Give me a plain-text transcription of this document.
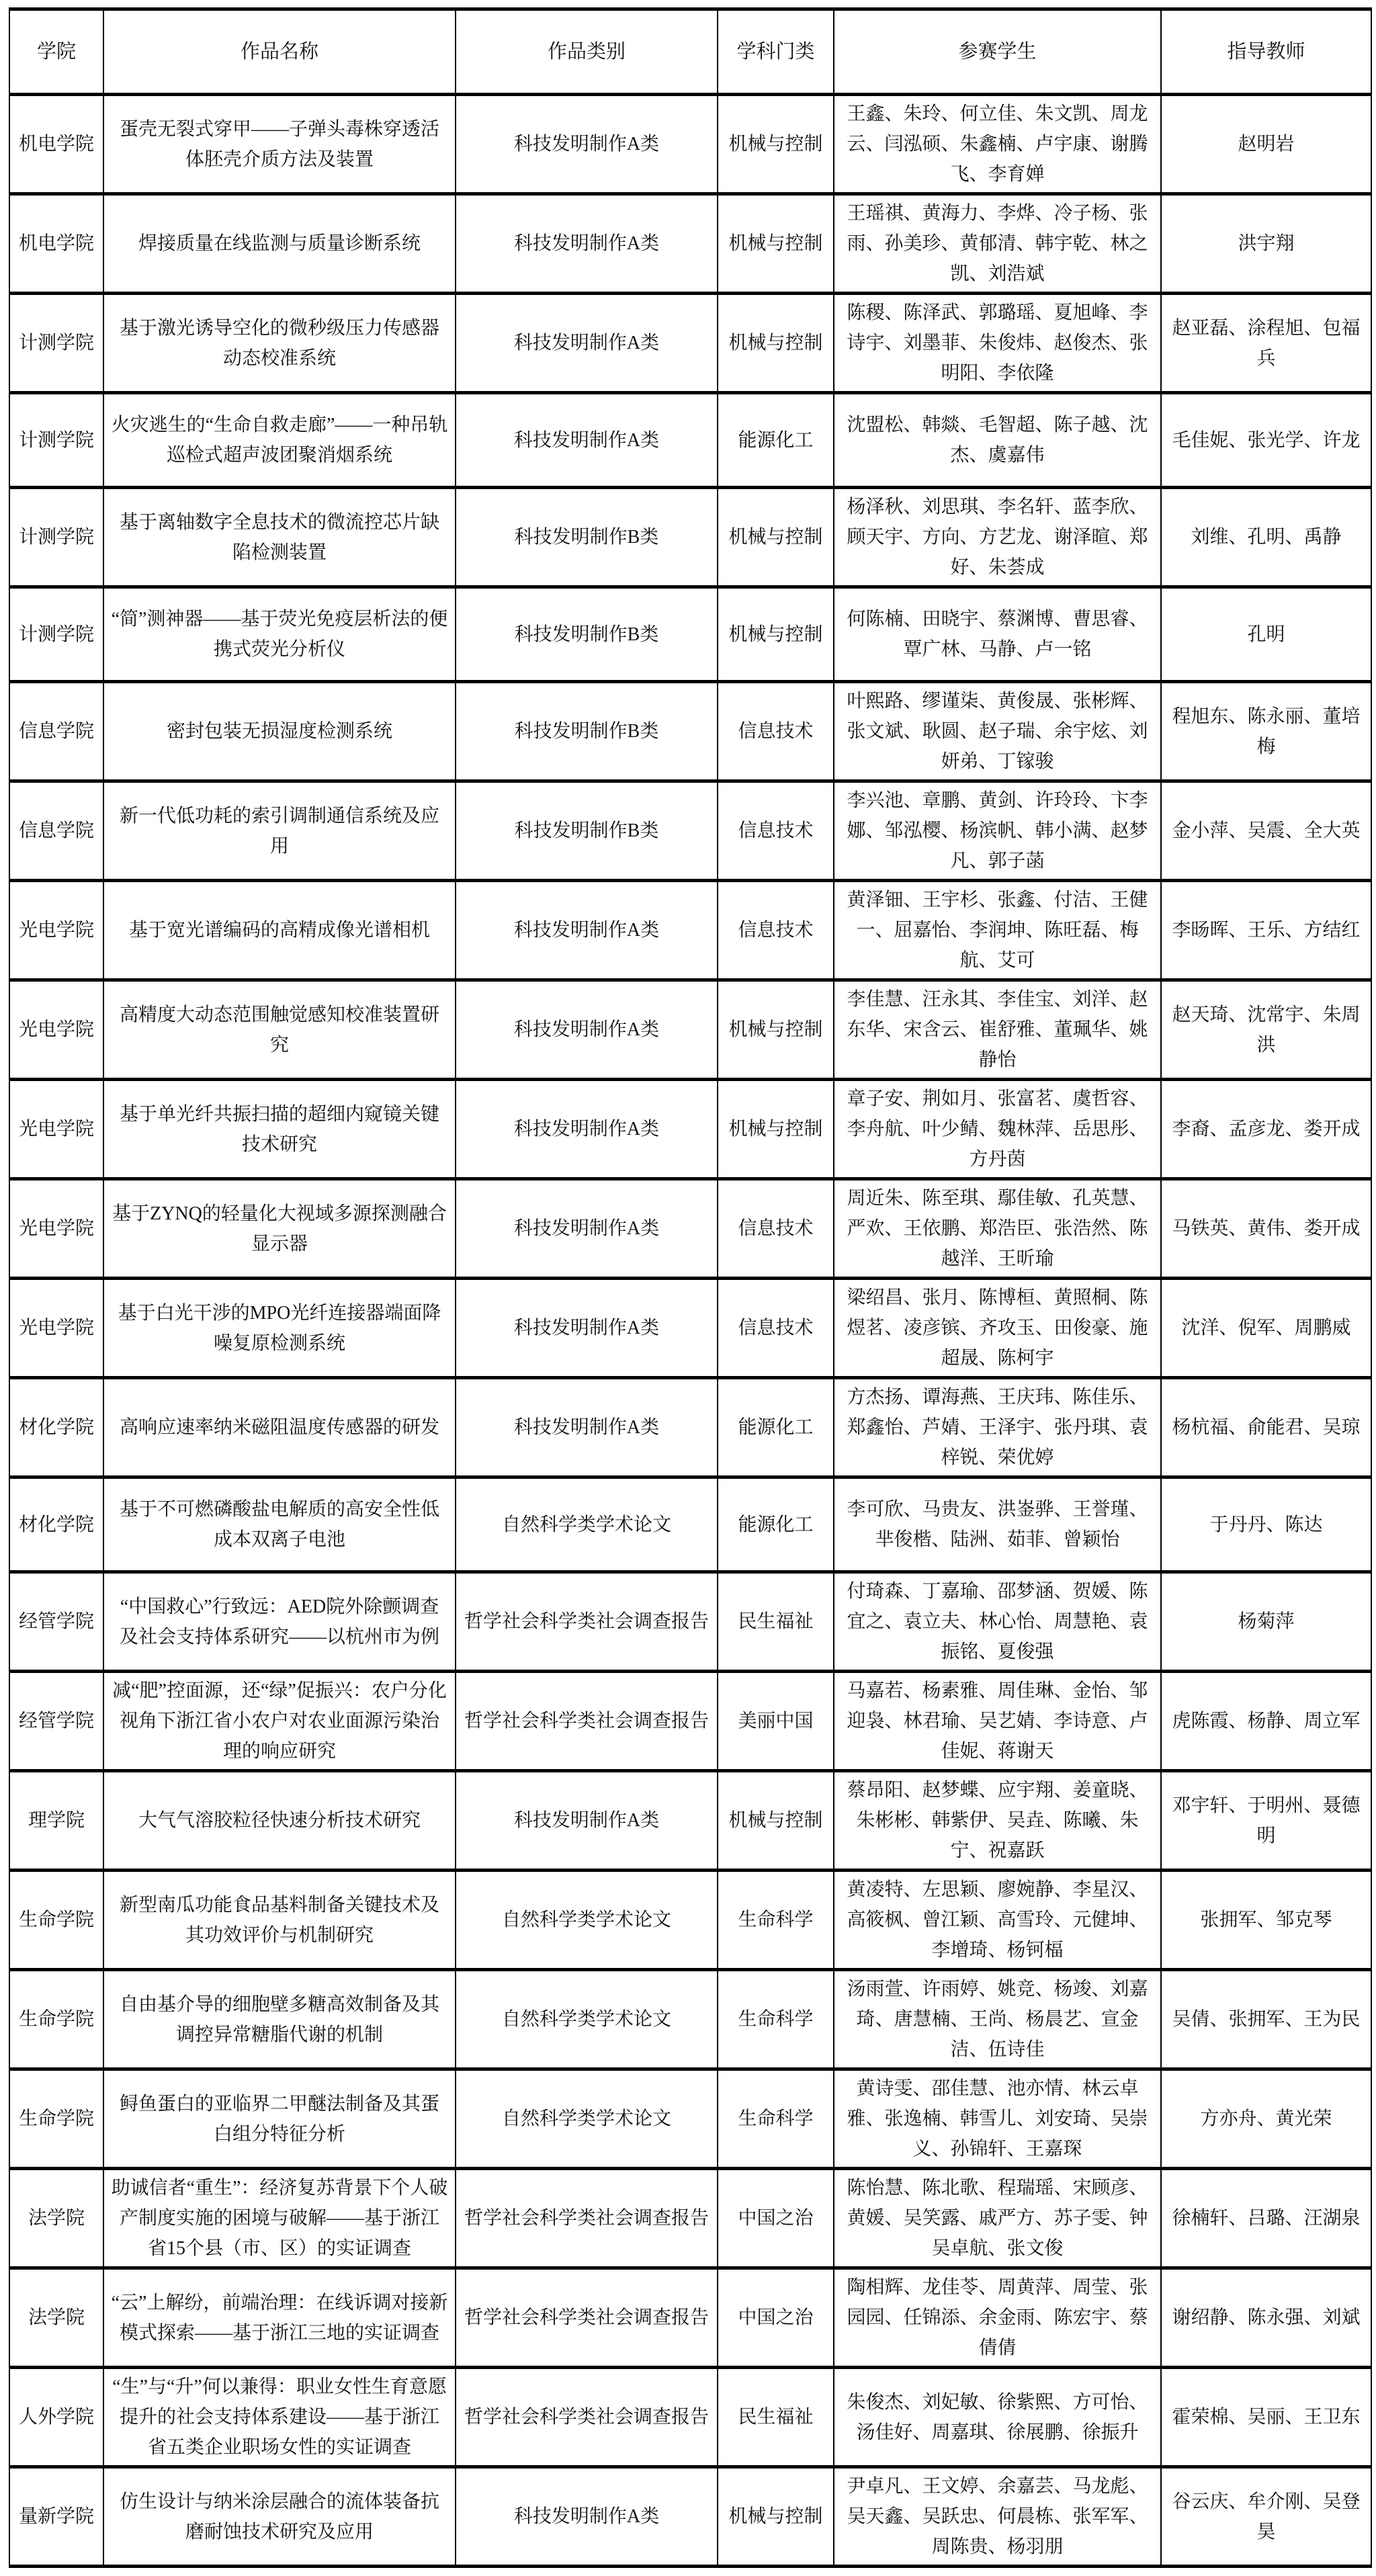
学院	作品名称	作品类别	学科门类	参赛学生	指导教师
机电学院	蛋壳无裂式穿甲——子弹头毒株穿透活体胚壳介质方法及装置	科技发明制作A类	机械与控制	王鑫、朱玲、何立佳、朱文凯、周龙云、闫泓硕、朱鑫楠、卢宇康、谢腾飞、李育婵	赵明岩
机电学院	焊接质量在线监测与质量诊断系统	科技发明制作A类	机械与控制	王瑶祺、黄海力、李烨、冷子杨、张雨、孙美珍、黄郁清、韩宇乾、林之凯、刘浩斌	洪宇翔
计测学院	基于激光诱导空化的微秒级压力传感器动态校准系统	科技发明制作A类	机械与控制	陈稷、陈泽武、郭璐瑶、夏旭峰、李诗宇、刘墨菲、朱俊炜、赵俊杰、张明阳、李依隆	赵亚磊、涂程旭、包福兵
计测学院	火灾逃生的“生命自救走廊”——一种吊轨巡检式超声波团聚消烟系统	科技发明制作A类	能源化工	沈盟松、韩燚、毛智超、陈子越、沈杰、虞嘉伟	毛佳妮、张光学、许龙
计测学院	基于离轴数字全息技术的微流控芯片缺陷检测装置	科技发明制作B类	机械与控制	杨泽秋、刘思琪、李名轩、蓝李欣、顾天宇、方向、方艺龙、谢泽暄、郑好、朱荟成	刘维、孔明、禹静
计测学院	“简”测神器——基于荧光免疫层析法的便携式荧光分析仪	科技发明制作B类	机械与控制	何陈楠、田晓宇、蔡渊博、曹思睿、覃广林、马静、卢一铭	孔明
信息学院	密封包装无损湿度检测系统	科技发明制作B类	信息技术	叶熙路、缪谨柒、黄俊晟、张彬辉、张文斌、耿圆、赵子瑞、余宇炫、刘妍弟、丁镓骏	程旭东、陈永丽、董培梅
信息学院	新一代低功耗的索引调制通信系统及应用	科技发明制作B类	信息技术	李兴池、章鹏、黄剑、许玲玲、卞李娜、邹泓樱、杨滨帆、韩小满、赵梦凡、郭子菡	金小萍、吴震、全大英
光电学院	基于宽光谱编码的高精成像光谱相机	科技发明制作A类	信息技术	黄泽钿、王宇杉、张鑫、付洁、王健一、屈嘉怡、李润坤、陈旺磊、梅航、艾可	李旸晖、王乐、方结红
光电学院	高精度大动态范围触觉感知校准装置研究	科技发明制作A类	机械与控制	李佳慧、汪永其、李佳宝、刘洋、赵东华、宋含云、崔舒雅、董珮华、姚静怡	赵天琦、沈常宇、朱周洪
光电学院	基于单光纤共振扫描的超细内窥镜关键技术研究	科技发明制作A类	机械与控制	章子安、荆如月、张富茗、虞哲容、李舟航、叶少鲭、魏林萍、岳思彤、方丹茵	李裔、孟彦龙、娄开成
光电学院	基于ZYNQ的轻量化大视域多源探测融合显示器	科技发明制作A类	信息技术	周近朱、陈至琪、鄢佳敏、孔英慧、严欢、王依鹏、郑浩臣、张浩然、陈越洋、王昕瑜	马铁英、黄伟、娄开成
光电学院	基于白光干涉的MPO光纤连接器端面降噪复原检测系统	科技发明制作A类	信息技术	梁绍昌、张月、陈博桓、黄照桐、陈煜茗、凌彦镔、齐攻玉、田俊豪、施超晟、陈柯宇	沈洋、倪军、周鹏威
材化学院	高响应速率纳米磁阻温度传感器的研发	科技发明制作A类	能源化工	方杰扬、谭海燕、王庆玮、陈佳乐、郑鑫怡、芦婧、王泽宇、张丹琪、袁梓锐、荣优婷	杨杭福、俞能君、吴琼
材化学院	基于不可燃磷酸盐电解质的高安全性低成本双离子电池	自然科学类学术论文	能源化工	李可欣、马贵友、洪崟骅、王誉瑾、芈俊楷、陆洲、茹菲、曾颖怡	于丹丹、陈达
经管学院	“中国救心”行致远：AED院外除颤调查及社会支持体系研究——以杭州市为例	哲学社会科学类社会调查报告	民生福祉	付琦森、丁嘉瑜、邵梦涵、贺媛、陈宜之、袁立夫、林心怡、周慧艳、袁振铭、夏俊强	杨菊萍
经管学院	减“肥”控面源，还“绿”促振兴：农户分化视角下浙江省小农户对农业面源污染治理的响应研究	哲学社会科学类社会调查报告	美丽中国	马嘉若、杨素雅、周佳琳、金怡、邹迎袅、林君瑜、吴艺婧、李诗意、卢佳妮、蒋谢天	虎陈霞、杨静、周立军
理学院	大气气溶胶粒径快速分析技术研究	科技发明制作A类	机械与控制	蔡昂阳、赵梦蝶、应宇翔、姜童晓、朱彬彬、韩紫伊、吴垚、陈曦、朱宁、祝嘉跃	邓宇轩、于明州、聂德明
生命学院	新型南瓜功能食品基料制备关键技术及其功效评价与机制研究	自然科学类学术论文	生命科学	黄凌特、左思颖、廖婉静、李星汉、高筱枫、曾江颖、高雪玲、元健坤、李增琦、杨钶楅	张拥军、邹克琴
生命学院	自由基介导的细胞壁多糖高效制备及其调控异常糖脂代谢的机制	自然科学类学术论文	生命科学	汤雨萱、许雨婷、姚竞、杨竣、刘嘉琦、唐慧楠、王尚、杨晨艺、宣金洁、伍诗佳	吴倩、张拥军、王为民
生命学院	鲟鱼蛋白的亚临界二甲醚法制备及其蛋白组分特征分析	自然科学类学术论文	生命科学	黄诗雯、邵佳慧、池亦情、林云卓雅、张逸楠、韩雪儿、刘安琦、吴崇义、孙锦轩、王嘉琛	方亦舟、黄光荣
法学院	助诚信者“重生”：经济复苏背景下个人破产制度实施的困境与破解——基于浙江省15个县（市、区）的实证调查	哲学社会科学类社会调查报告	中国之治	陈怡慧、陈北歌、程瑞瑶、宋顾彦、黄媛、吴笑露、戚严方、苏子雯、钟吴卓航、张文俊	徐楠轩、吕璐、汪湖泉
法学院	“云”上解纷，前端治理：在线诉调对接新模式探索——基于浙江三地的实证调查	哲学社会科学类社会调查报告	中国之治	陶相辉、龙佳苓、周黄萍、周莹、张园园、任锦添、余金雨、陈宏宇、蔡倩倩	谢绍静、陈永强、刘斌
人外学院	“生”与“升”何以兼得：职业女性生育意愿提升的社会支持体系建设——基于浙江省五类企业职场女性的实证调查	哲学社会科学类社会调查报告	民生福祉	朱俊杰、刘妃敏、徐紫熙、方可怡、汤佳好、周嘉琪、徐展鹏、徐振升	霍荣棉、吴丽、王卫东
量新学院	仿生设计与纳米涂层融合的流体装备抗磨耐蚀技术研究及应用	科技发明制作A类	机械与控制	尹卓凡、王文婷、余嘉芸、马龙彪、吴天鑫、吴跃忠、何晨栋、张军军、周陈贵、杨羽朋	谷云庆、牟介刚、吴登昊
